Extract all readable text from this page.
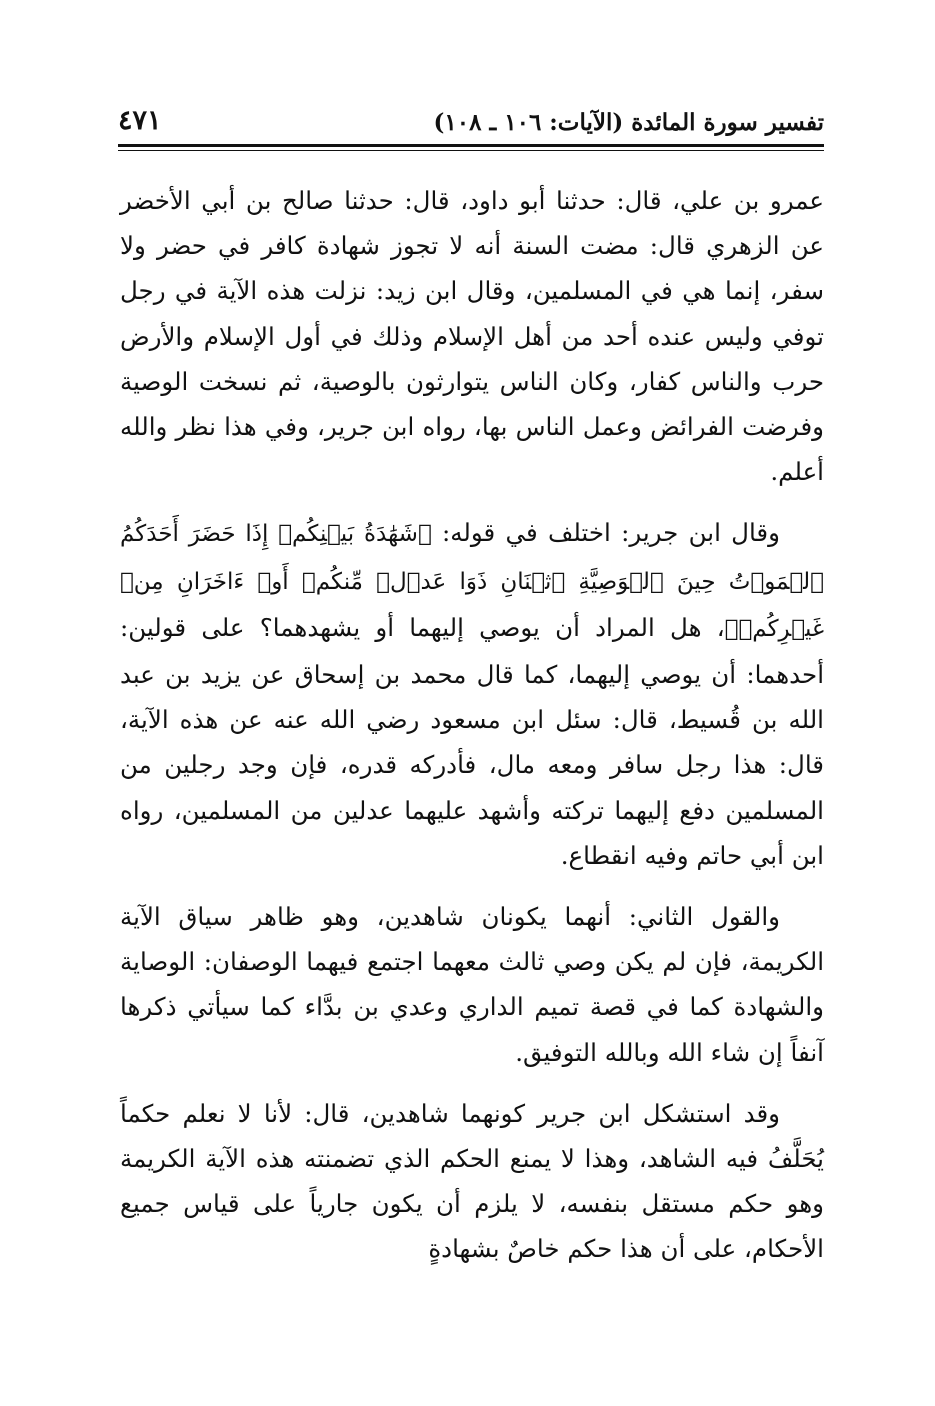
تفسير سورة المائدة (الآيات: ١٠٦ ـ ١٠٨)
٤٧١

عمرو بن علي، قال: حدثنا أبو داود، قال: حدثنا صالح بن أبي الأخضر عن الزهري قال: مضت السنة أنه لا تجوز شهادة كافر في حضر ولا سفر، إنما هي في المسلمين، وقال ابن زيد: نزلت هذه الآية في رجل توفي وليس عنده أحد من أهل الإسلام وذلك في أول الإسلام والأرض حرب والناس كفار، وكان الناس يتوارثون بالوصية، ثم نسخت الوصية وفرضت الفرائض وعمل الناس بها، رواه ابن جرير، وفي هذا نظر والله أعلم.

وقال ابن جرير: اختلف في قوله: ﴿شَهَٰدَةُ بَيۡنِكُمۡ إِذَا حَضَرَ أَحَدَكُمُ ٱلۡمَوۡتُ حِينَ ٱلۡوَصِيَّةِ ٱثۡنَانِ ذَوَا عَدۡلٖ مِّنكُمۡ أَوۡ ءَاخَرَانِ مِنۡ غَيۡرِكُمۡ﴾، هل المراد أن يوصي إليهما أو يشهدهما؟ على قولين: أحدهما: أن يوصي إليهما، كما قال محمد بن إسحاق عن يزيد بن عبد الله بن قُسيط، قال: سئل ابن مسعود رضي الله عنه عن هذه الآية، قال: هذا رجل سافر ومعه مال، فأدركه قدره، فإن وجد رجلين من المسلمين دفع إليهما تركته وأشهد عليهما عدلين من المسلمين، رواه ابن أبي حاتم وفيه انقطاع.

والقول الثاني: أنهما يكونان شاهدين، وهو ظاهر سياق الآية الكريمة، فإن لم يكن وصي ثالث معهما اجتمع فيهما الوصفان: الوصاية والشهادة كما في قصة تميم الداري وعدي بن بدَّاء كما سيأتي ذكرها آنفاً إن شاء الله وبالله التوفيق.

وقد استشكل ابن جرير كونهما شاهدين، قال: لأنا لا نعلم حكماً يُحَلَّفُ فيه الشاهد، وهذا لا يمنع الحكم الذي تضمنته هذه الآية الكريمة وهو حكم مستقل بنفسه، لا يلزم أن يكون جارياً على قياس جميع الأحكام، على أن هذا حكم خاصٌ بشهادةٍ
